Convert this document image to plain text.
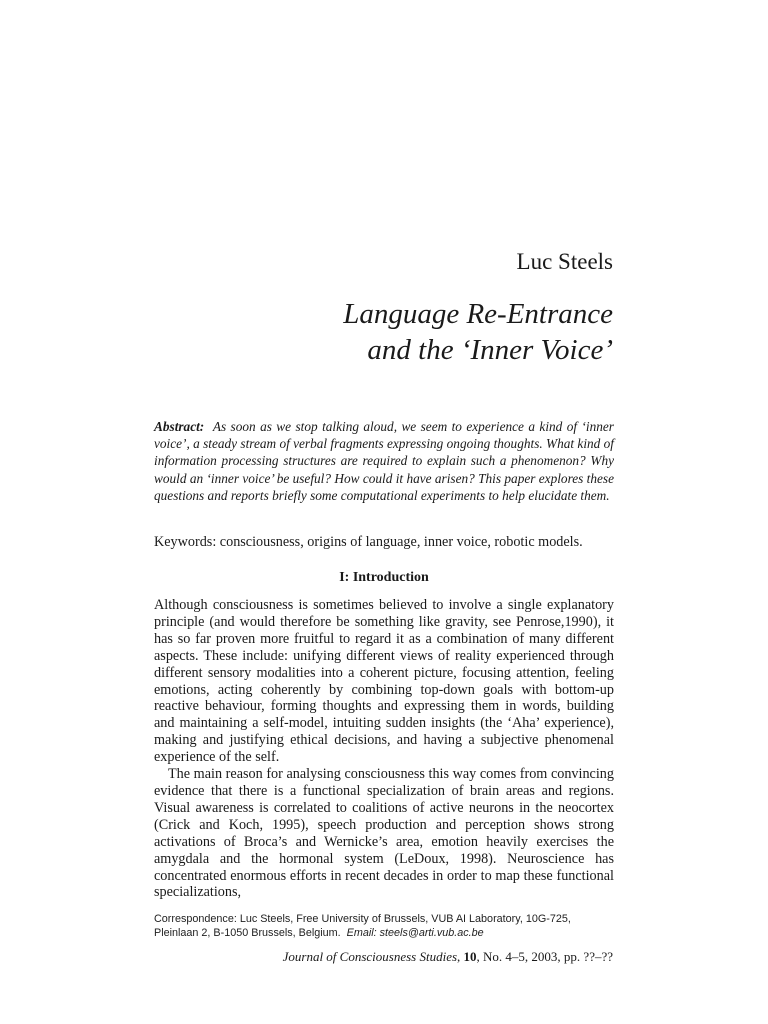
Luc Steels
Language Re-Entrance
and the ‘Inner Voice’

Abstract: As soon as we stop talking aloud, we seem to experience a kind of ‘inner voice’, a steady stream of verbal fragments expressing ongoing thoughts. What kind of information processing structures are required to explain such a phenomenon? Why would an ‘inner voice’ be useful? How could it have arisen? This paper explores these questions and reports briefly some computational experiments to help elucidate them.

Keywords: consciousness, origins of language, inner voice, robotic models.

I: Introduction

Although consciousness is sometimes believed to involve a single explanatory principle (and would therefore be something like gravity, see Penrose,1990), it has so far proven more fruitful to regard it as a combination of many different aspects. These include: unifying different views of reality experienced through different sensory modalities into a coherent picture, focusing attention, feeling emotions, acting coherently by combining top-down goals with bottom-up reactive behaviour, forming thoughts and expressing them in words, building and maintaining a self-model, intuiting sudden insights (the ‘Aha’ experience), making and justifying ethical decisions, and having a subjective phenomenal experience of the self.

The main reason for analysing consciousness this way comes from convincing evidence that there is a functional specialization of brain areas and regions. Visual awareness is correlated to coalitions of active neurons in the neocortex (Crick and Koch, 1995), speech production and perception shows strong activations of Broca’s and Wernicke’s area, emotion heavily exercises the amygdala and the hormonal system (LeDoux, 1998). Neuroscience has concentrated enormous efforts in recent decades in order to map these functional specializations,

Correspondence: Luc Steels, Free University of Brussels, VUB AI Laboratory, 10G-725,
Pleinlaan 2, B-1050 Brussels, Belgium. Email: steels@arti.vub.ac.be

Journal of Consciousness Studies, 10, No. 4–5, 2003, pp. ??–??
